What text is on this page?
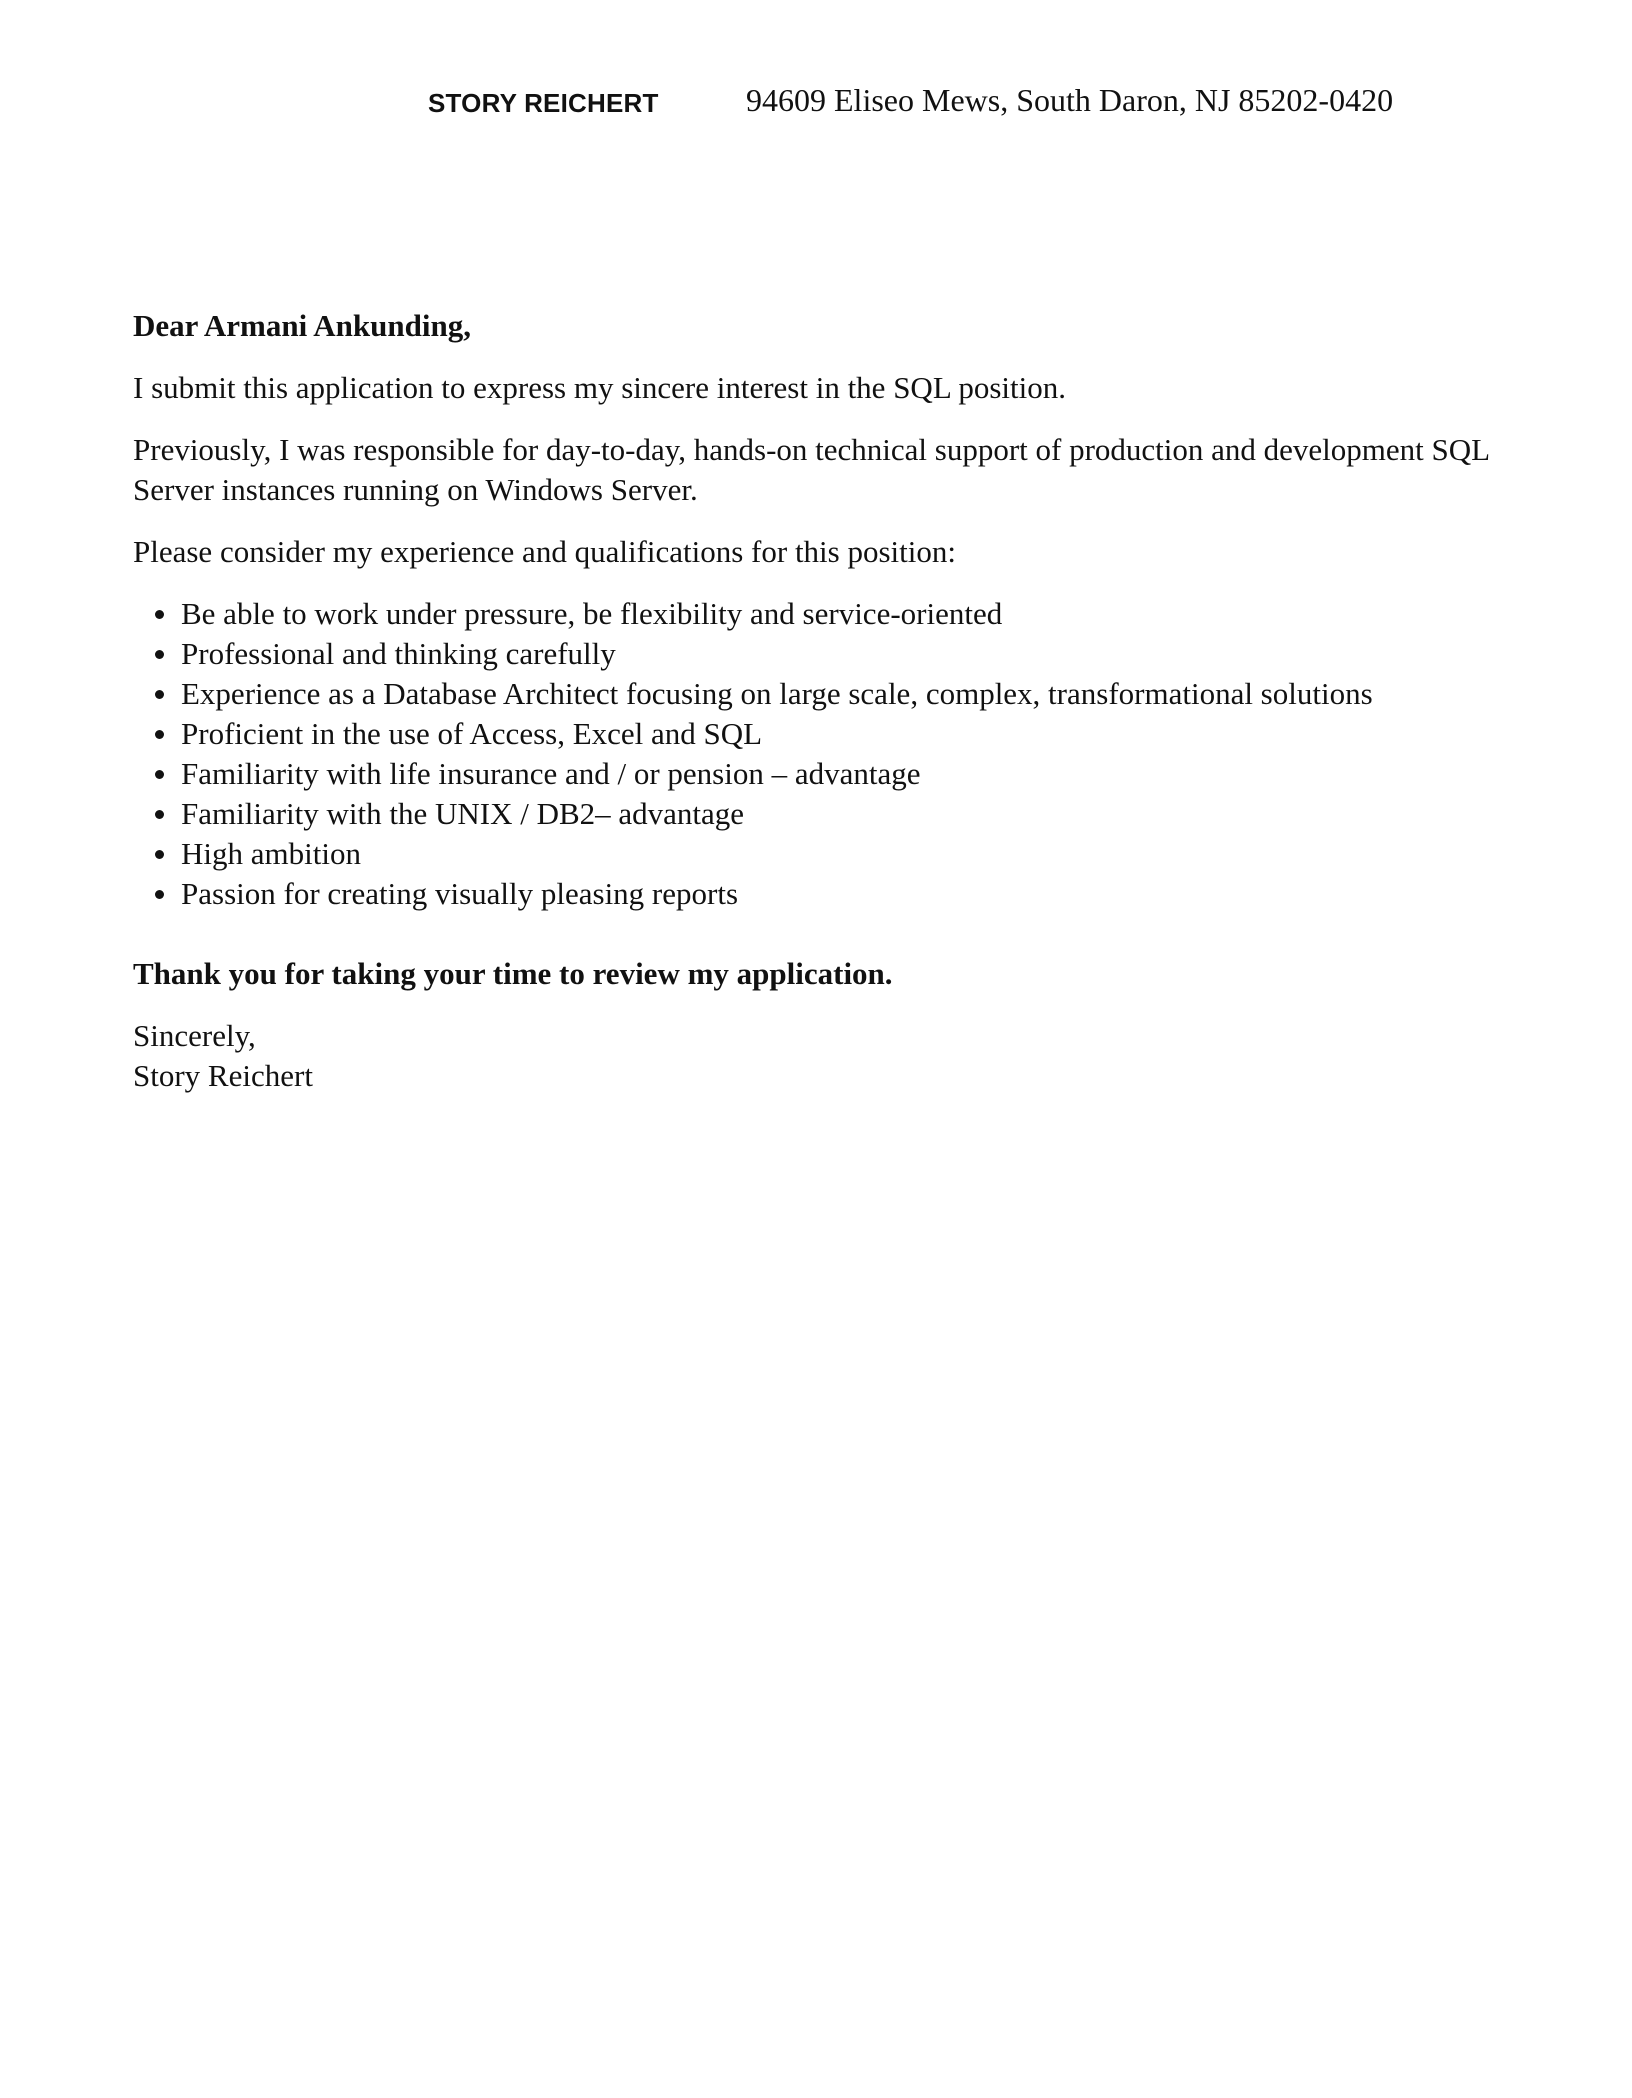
STORY REICHERT	94609 Eliseo Mews, South Daron, NJ 85202-0420

Dear Armani Ankunding,

I submit this application to express my sincere interest in the SQL position.

Previously, I was responsible for day-to-day, hands-on technical support of production and development SQL Server instances running on Windows Server.

Please consider my experience and qualifications for this position:

Be able to work under pressure, be flexibility and service-oriented
Professional and thinking carefully
Experience as a Database Architect focusing on large scale, complex, transformational solutions
Proficient in the use of Access, Excel and SQL
Familiarity with life insurance and / or pension – advantage
Familiarity with the UNIX / DB2– advantage
High ambition
Passion for creating visually pleasing reports

Thank you for taking your time to review my application.

Sincerely,

Story Reichert
